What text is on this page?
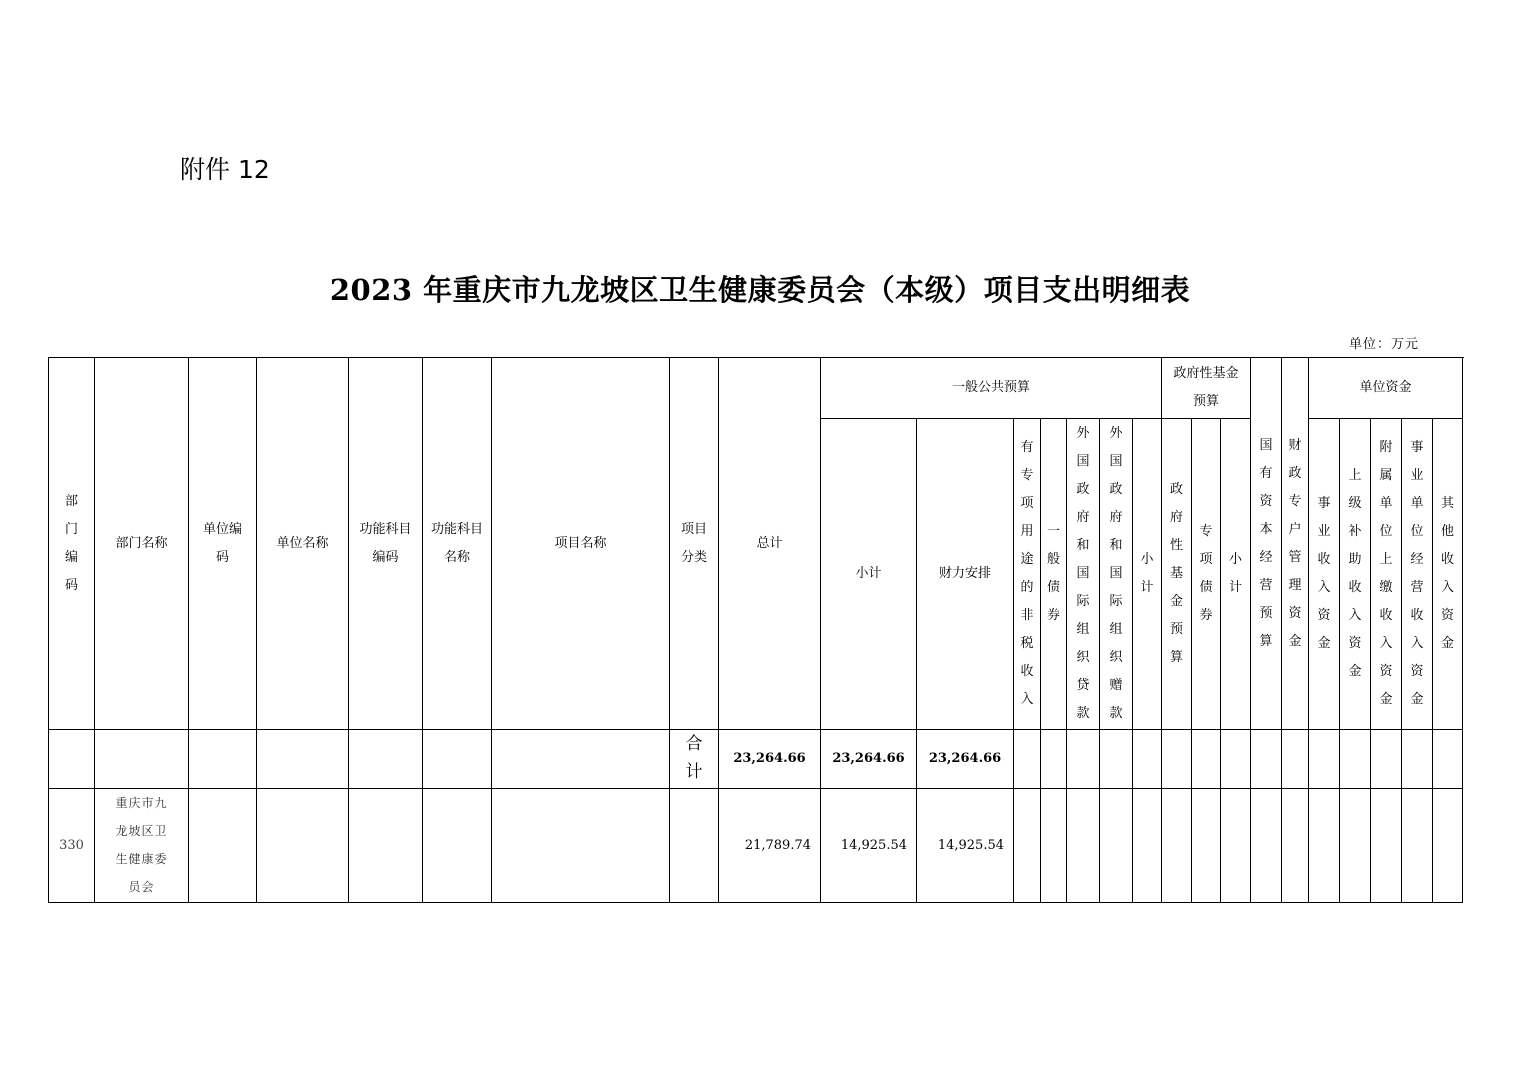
附件 12
2023 年重庆市九龙坡区卫生健康委员会（本级）项目支出明细表
单位：万元
部门编码	部门名称	单位编码	单位名称	功能科目编码	功能科目名称	项目名称	项目分类	总计	一般公共预算							政府性基金预算			国有资本经营预算	财政专户管理资金	单位资金				
									小计	财力安排	有专项用途的非税收入	一般债券	外国政府和国际组织贷款	外国政府和国际组织赠款	小计	政府性基金预算	专项债券	小计			事业收入资金	上级补助收入资金	附属单位上缴收入资金	事业单位经营收入资金	其他收入资金
							合计	23,264.66	23,264.66	23,264.66															
330	重庆市九龙坡区卫生健康委员会							21,789.74	14,925.54	14,925.54															
